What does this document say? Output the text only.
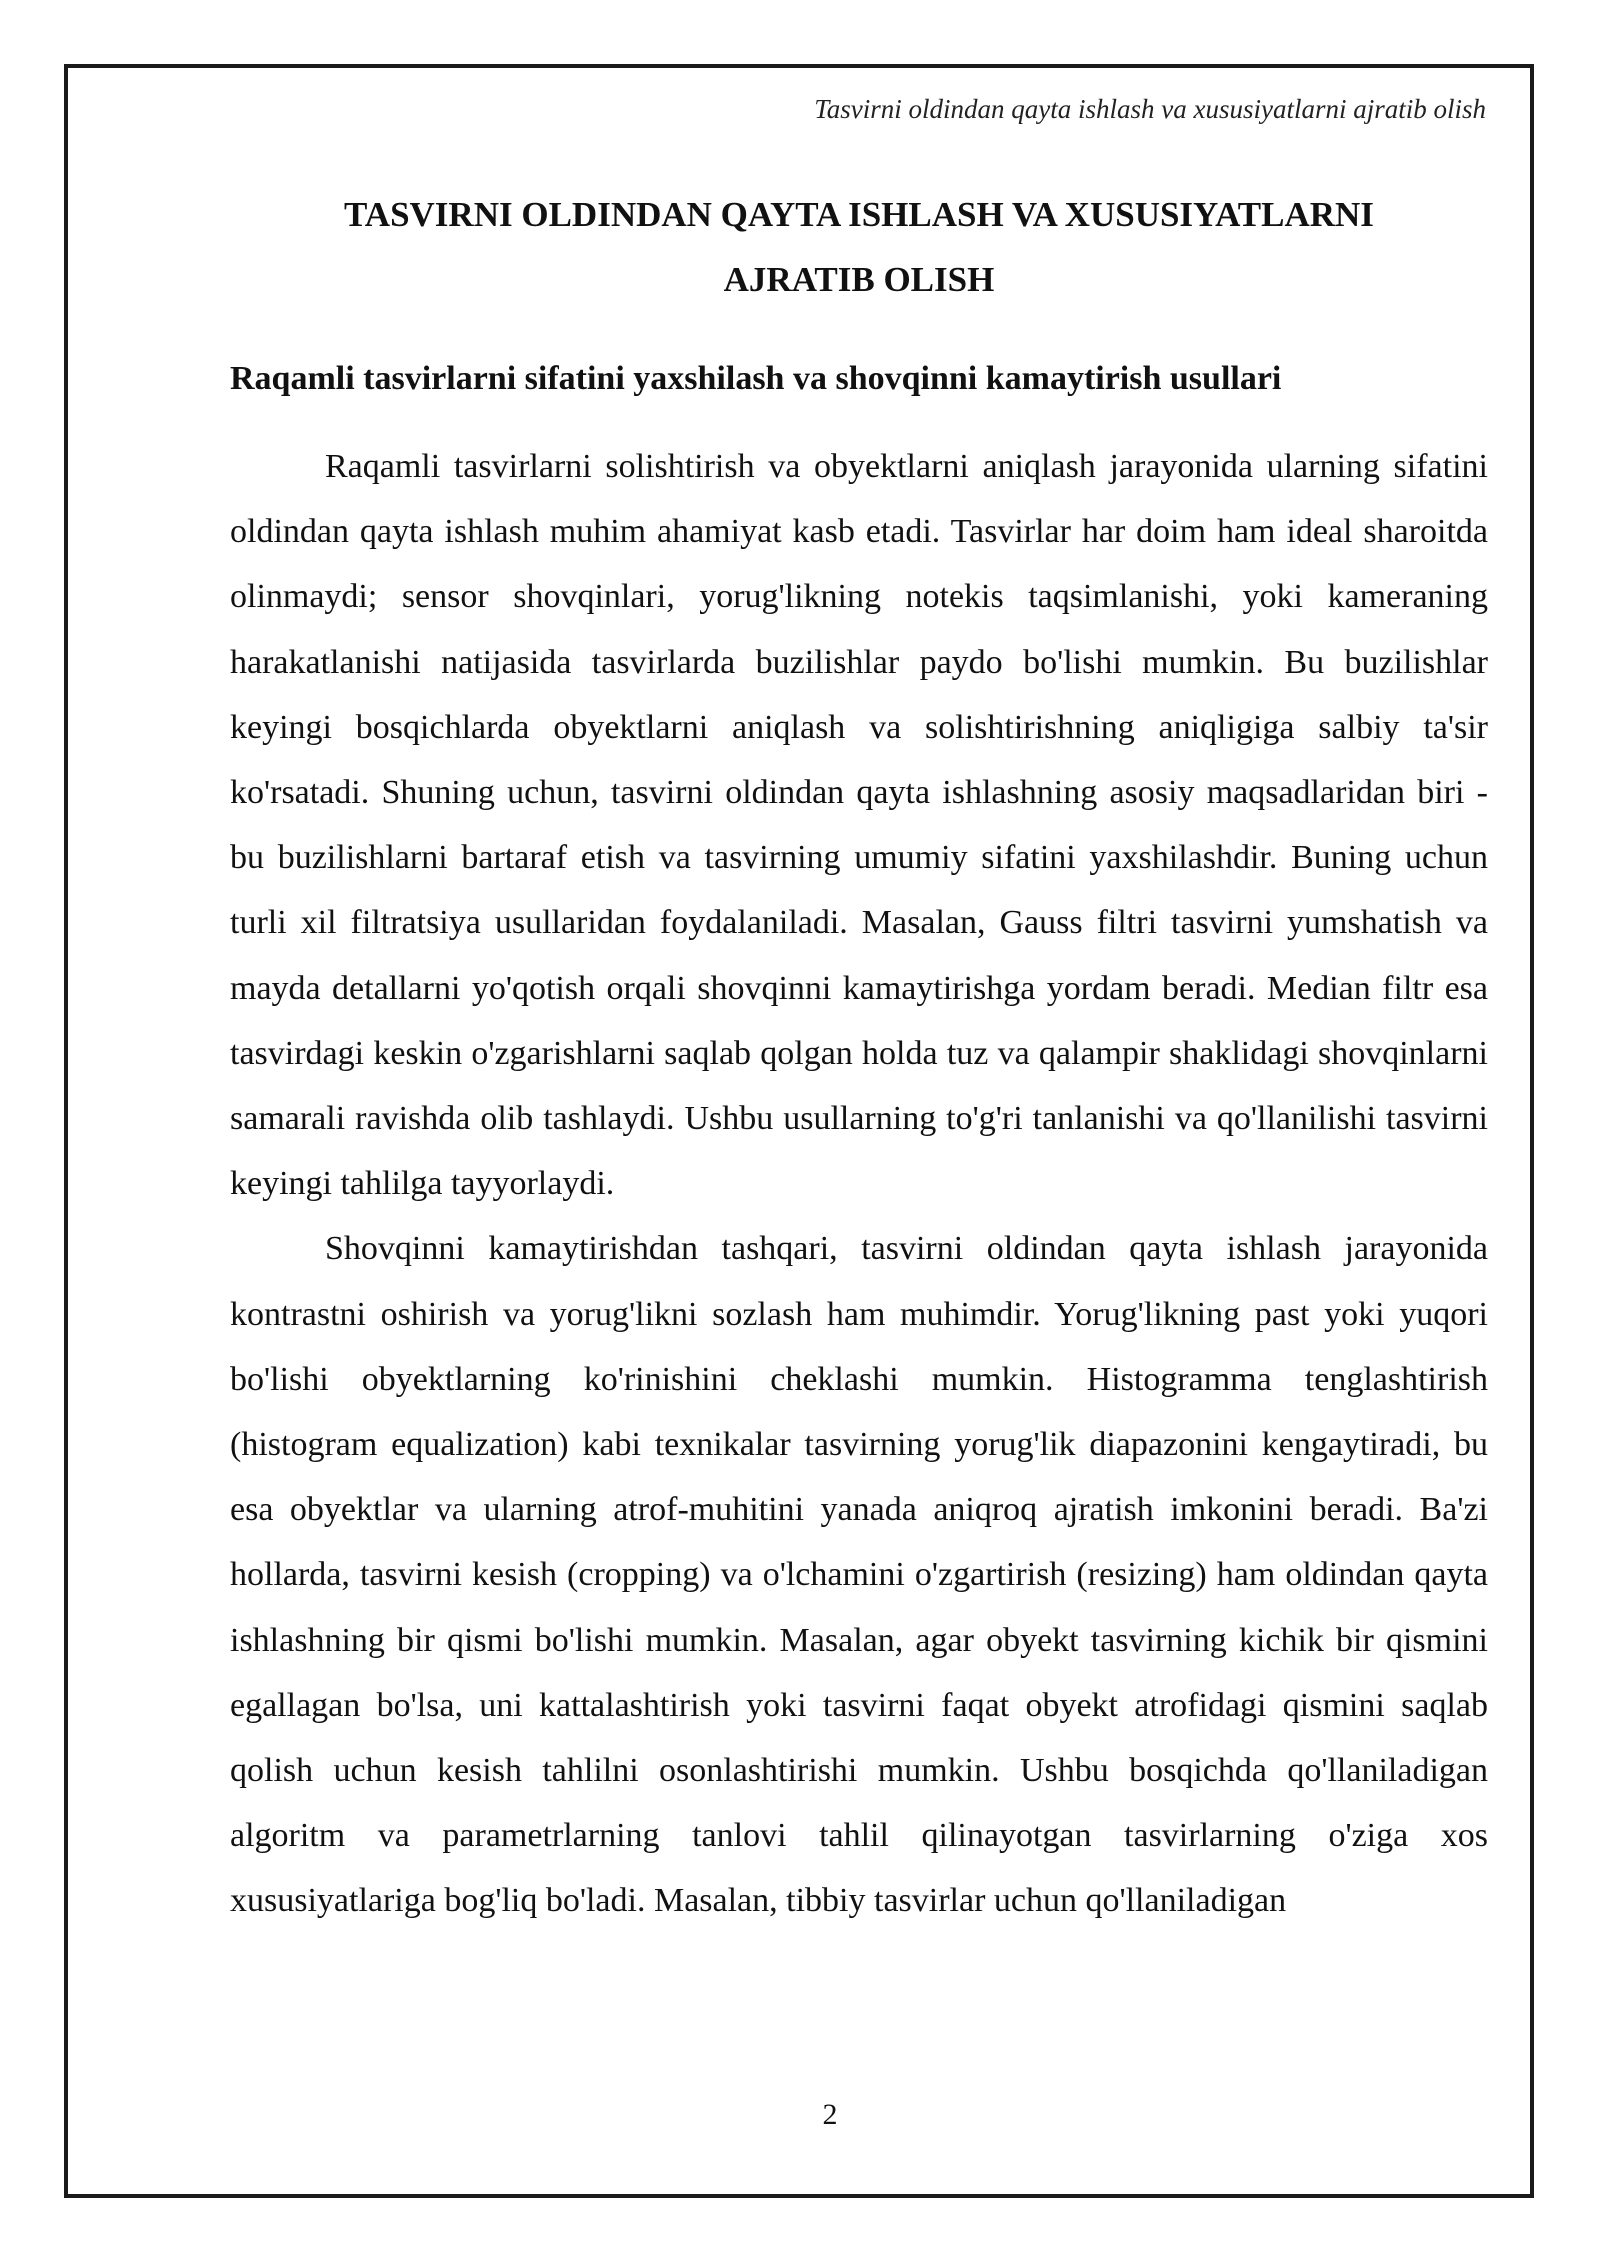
Tasvirni oldindan qayta ishlash va xususiyatlarni ajratib olish
TASVIRNI OLDINDAN QAYTA ISHLASH VA XUSUSIYATLARNI
AJRATIB OLISH
Raqamli tasvirlarni sifatini yaxshilash va shovqinni kamaytirish usullari

Raqamli tasvirlarni solishtirish va obyektlarni aniqlash jarayonida ularning sifatini oldindan qayta ishlash muhim ahamiyat kasb etadi. Tasvirlar har doim ham ideal sharoitda olinmaydi; sensor shovqinlari, yorug'likning notekis taqsimlanishi, yoki kameraning harakatlanishi natijasida tasvirlarda buzilishlar paydo bo'lishi mumkin. Bu buzilishlar keyingi bosqichlarda obyektlarni aniqlash va solishtirishning aniqligiga salbiy ta'sir ko'rsatadi. Shuning uchun, tasvirni oldindan qayta ishlashning asosiy maqsadlaridan biri - bu buzilishlarni bartaraf etish va tasvirning umumiy sifatini yaxshilashdir. Buning uchun turli xil filtratsiya usullaridan foydalaniladi. Masalan, Gauss filtri tasvirni yumshatish va mayda detallarni yo'qotish orqali shovqinni kamaytirishga yordam beradi. Median filtr esa tasvirdagi keskin o'zgarishlarni saqlab qolgan holda tuz va qalampir shaklidagi shovqinlarni samarali ravishda olib tashlaydi. Ushbu usullarning to'g'ri tanlanishi va qo'llanilishi tasvirni keyingi tahlilga tayyorlaydi.

Shovqinni kamaytirishdan tashqari, tasvirni oldindan qayta ishlash jarayonida kontrastni oshirish va yorug'likni sozlash ham muhimdir. Yorug'likning past yoki yuqori bo'lishi obyektlarning ko'rinishini cheklashi mumkin. Histogramma tenglashtirish (histogram equalization) kabi texnikalar tasvirning yorug'lik diapazonini kengaytiradi, bu esa obyektlar va ularning atrof-muhitini yanada aniqroq ajratish imkonini beradi. Ba'zi hollarda, tasvirni kesish (cropping) va o'lchamini o'zgartirish (resizing) ham oldindan qayta ishlashning bir qismi bo'lishi mumkin. Masalan, agar obyekt tasvirning kichik bir qismini egallagan bo'lsa, uni kattalashtirish yoki tasvirni faqat obyekt atrofidagi qismini saqlab qolish uchun kesish tahlilni osonlashtirishi mumkin. Ushbu bosqichda qo'llaniladigan algoritm va parametrlarning tanlovi tahlil qilinayotgan tasvirlarning o'ziga xos xususiyatlariga bog'liq bo'ladi. Masalan, tibbiy tasvirlar uchun qo'llaniladigan

2
